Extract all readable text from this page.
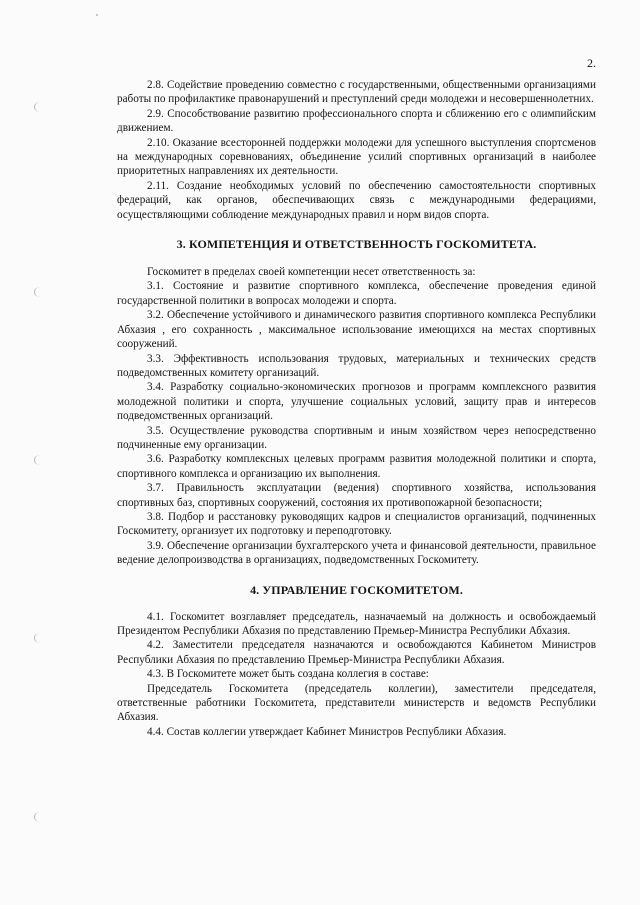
2.

2.8. Содействие проведению совместно с государственными, общественными организациями работы по профилактике правонарушений и преступлений среди молодежи и несовершеннолетних.

2.9. Способствование развитию профессионального спорта и сближению его с олимпийским движением.

2.10. Оказание всесторонней поддержки молодежи для успешного выступления спортсменов на международных соревнованиях, объединение усилий спортивных организаций в наиболее приоритетных направлениях их деятельности.

2.11. Создание необходимых условий по обеспечению самостоятельности спортивных федераций, как органов, обеспечивающих связь с международными федерациями, осуществляющими соблюдение международных правил и норм видов спорта.

3. КОМПЕТЕНЦИЯ И ОТВЕТСТВЕННОСТЬ ГОСКОМИТЕТА.

Госкомитет в пределах своей компетенции несет ответственность за:

3.1. Состояние и развитие спортивного комплекса, обеспечение проведения единой государственной политики в вопросах молодежи и спорта.

3.2. Обеспечение устойчивого и динамического развития спортивного комплекса Республики Абхазия , его сохранность , максимальное использование имеющихся на местах спортивных сооружений.

3.3. Эффективность использования трудовых, материальных и технических средств подведомственных комитету организаций.

3.4. Разработку социально-экономических прогнозов и программ комплексного развития молодежной политики и спорта, улучшение социальных условий, защиту прав и интересов подведомственных организаций.

3.5. Осуществление руководства спортивным и иным хозяйством через непосредственно подчиненные ему организации.

3.6. Разработку комплексных целевых программ развития молодежной политики и спорта, спортивного комплекса и организацию их выполнения.

3.7. Правильность эксплуатации (ведения) спортивного хозяйства, использования спортивных баз, спортивных сооружений, состояния их противопожарной безопасности;

3.8. Подбор и расстановку руководящих кадров и специалистов организаций, подчиненных Госкомитету, организует их подготовку и переподготовку.

3.9. Обеспечение организации бухгалтерского учета и финансовой деятельности, правильное ведение делопроизводства в организациях, подведомственных Госкомитету.

4. УПРАВЛЕНИЕ ГОСКОМИТЕТОМ.

4.1. Госкомитет возглавляет председатель, назначаемый на должность и освобождаемый Президентом Республики Абхазия по представлению Премьер-Министра Республики Абхазия.

4.2. Заместители председателя назначаются и освобождаются Кабинетом Министров Республики Абхазия по представлению Премьер-Министра Республики Абхазия.

4.3. В Госкомитете может быть создана коллегия в составе:

Председатель Госкомитета (председатель коллегии), заместители председателя, ответственные работники Госкомитета, представители министерств и ведомств Республики Абхазия.

4.4. Состав коллегии утверждает Кабинет Министров Республики Абхазия.
